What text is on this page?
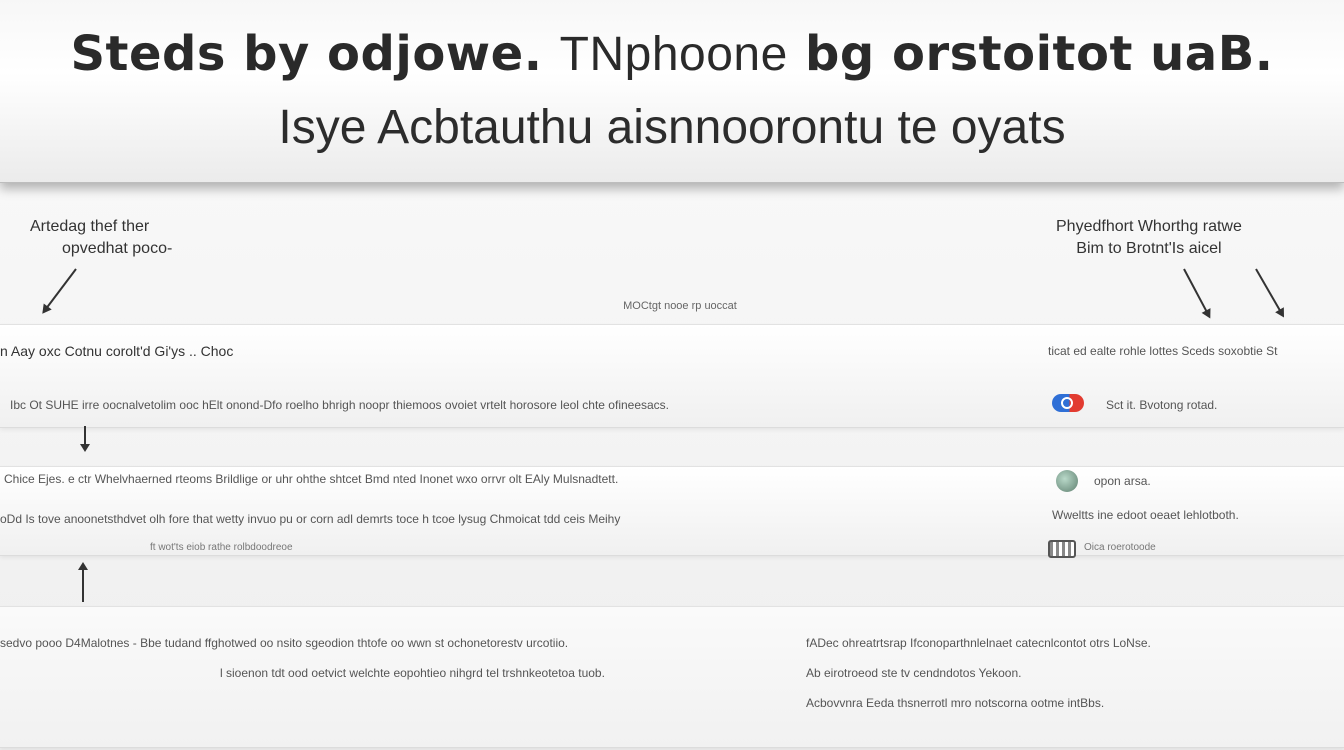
Steds by odjowe. TNphoone bg orstoitot uaB.
Isye Acbtauthu aisnnoorontu te oyats
Artedag thef ther
opvedhat poco-
Phyedfhort Whorthg ratwe
Bim to Brotnt'Is aicel
MOCtgt nooe rp uoccat
n Aay oxc Cotnu corolt'd Gi'ys .. Choc	ticat ed ealte rohle lottes Sceds soxobtie St
Ibc Ot SUHE irre oocnalvetolim ooc hElt onond-Dfo roelho bhrigh noopr thiemoos ovoiet vrtelt horosore leol chte ofineesacs.	Sct it. Bvotong rotad.
Chice Ejes. e ctr Whelvhaerned rteoms Brildlige or uhr ohthe shtcet Bmd nted Inonet wxo orrvr olt EAly Mulsnadtett.	opon arsa.
oDd Is tove anoonetsthdvet olh fore that wetty invuo pu or corn adl demrts toce h tcoe lysug Chmoicat tdd ceis Meihy	Wweltts ine edoot oeaet lehlotboth.
ft wot'ts eiob rathe rolbdoodreoe	Oica roerotoode
sedvo pooo D4Malotnes - Bbe tudand ffghotwed oo nsito sgeodion thtofe oo wwn st ochonetorestv urcotiio.	fADec ohreatrtsrap Ifconoparthnlelnaet catecnlcontot otrs LoNse.
l sioenon tdt ood oetvict welchte eopohtieo nihgrd tel trshnkeotetoa tuob.	Ab eirotroeod ste tv cendndotos Yekoon.
Acbovvnra Eeda thsnerrotl mro notscorna ootme intBbs.
